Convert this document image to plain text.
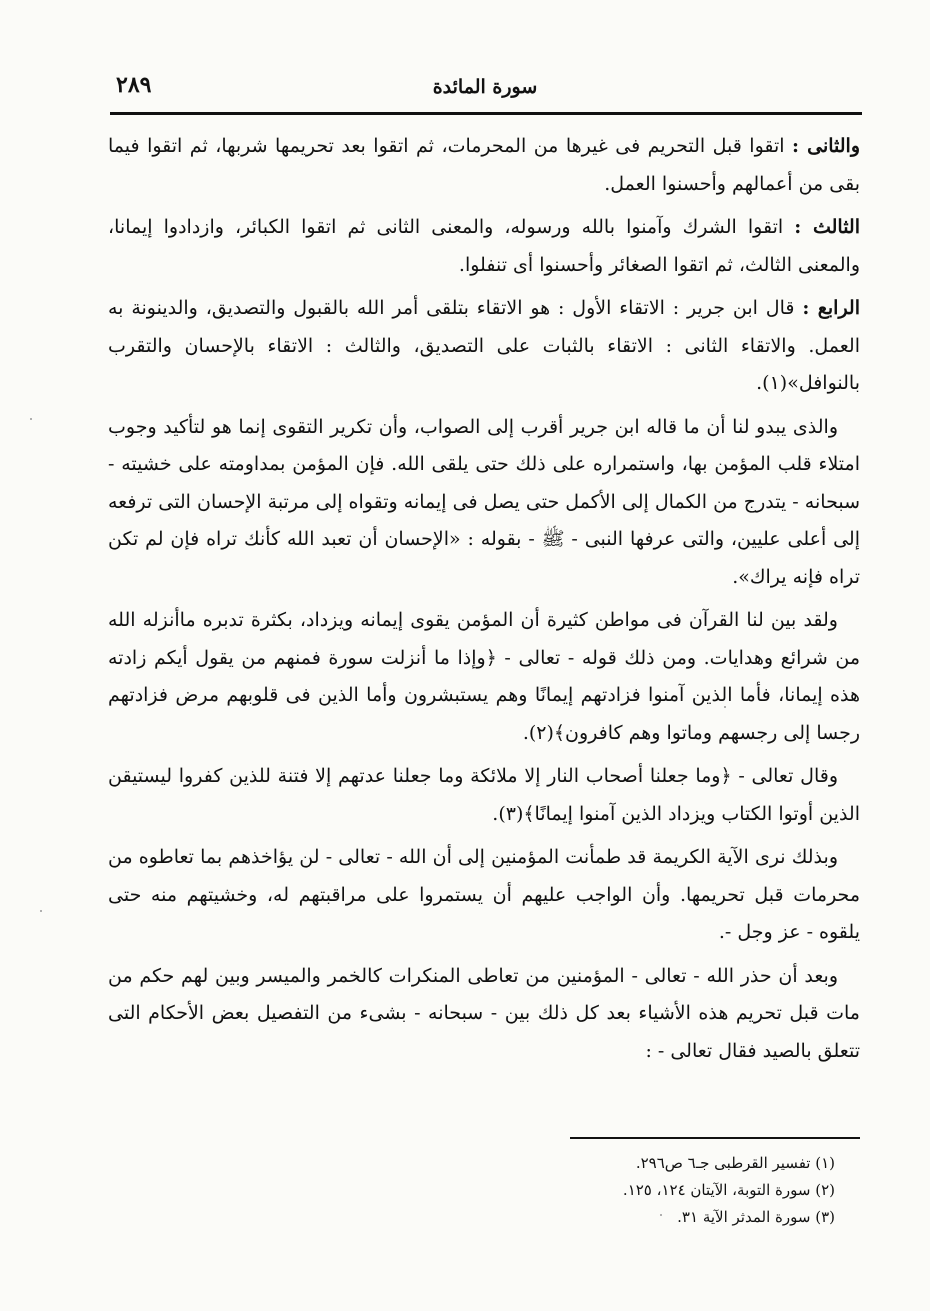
سورة المائدة
٢٨٩

والثانى : اتقوا قبل التحريم فى غيرها من المحرمات، ثم اتقوا بعد تحريمها شربها، ثم اتقوا فيما بقى من أعمالهم وأحسنوا العمل.

الثالث : اتقوا الشرك وآمنوا بالله ورسوله، والمعنى الثانى ثم اتقوا الكبائر، وازدادوا إيمانا، والمعنى الثالث، ثم اتقوا الصغائر وأحسنوا أى تنفلوا.

الرابع : قال ابن جرير : الاتقاء الأول : هو الاتقاء بتلقى أمر الله بالقبول والتصديق، والدينونة به العمل. والاتقاء الثانى : الاتقاء بالثبات على التصديق، والثالث : الاتقاء بالإحسان والتقرب بالنوافل»(١).

والذى يبدو لنا أن ما قاله ابن جرير أقرب إلى الصواب، وأن تكرير التقوى إنما هو لتأكيد وجوب امتلاء قلب المؤمن بها، واستمراره على ذلك حتى يلقى الله. فإن المؤمن بمداومته على خشيته - سبحانه - يتدرج من الكمال إلى الأكمل حتى يصل فى إيمانه وتقواه إلى مرتبة الإحسان التى ترفعه إلى أعلى عليين، والتى عرفها النبى - ﷺ - بقوله : «الإحسان أن تعبد الله كأنك تراه فإن لم تكن تراه فإنه يراك».

ولقد بين لنا القرآن فى مواطن كثيرة أن المؤمن يقوى إيمانه ويزداد، بكثرة تدبره ماأنزله الله من شرائع وهدايات. ومن ذلك قوله - تعالى - ﴿وإذا ما أنزلت سورة فمنهم من يقول أيكم زادته هذه إيمانا، فأما الذين آمنوا فزادتهم إيمانًا وهم يستبشرون وأما الذين فى قلوبهم مرض فزادتهم رجسا إلى رجسهم وماتوا وهم كافرون﴾(٢).

وقال تعالى - ﴿وما جعلنا أصحاب النار إلا ملائكة وما جعلنا عدتهم إلا فتنة للذين كفروا ليستيقن الذين أوتوا الكتاب ويزداد الذين آمنوا إيمانًا﴾(٣).

وبذلك نرى الآية الكريمة قد طمأنت المؤمنين إلى أن الله - تعالى - لن يؤاخذهم بما تعاطوه من محرمات قبل تحريمها. وأن الواجب عليهم أن يستمروا على مراقبتهم له، وخشيتهم منه حتى يلقوه - عز وجل -.

وبعد أن حذر الله - تعالى - المؤمنين من تعاطى المنكرات كالخمر والميسر وبين لهم حكم من مات قبل تحريم هذه الأشياء بعد كل ذلك بين - سبحانه - بشىء من التفصيل بعض الأحكام التى تتعلق بالصيد فقال تعالى - :

(١) تفسير القرطبى جـ٦ ص٢٩٦.

(٢) سورة التوبة، الآيتان ١٢٤، ١٢٥.

(٣) سورة المدثر الآية ٣١.
